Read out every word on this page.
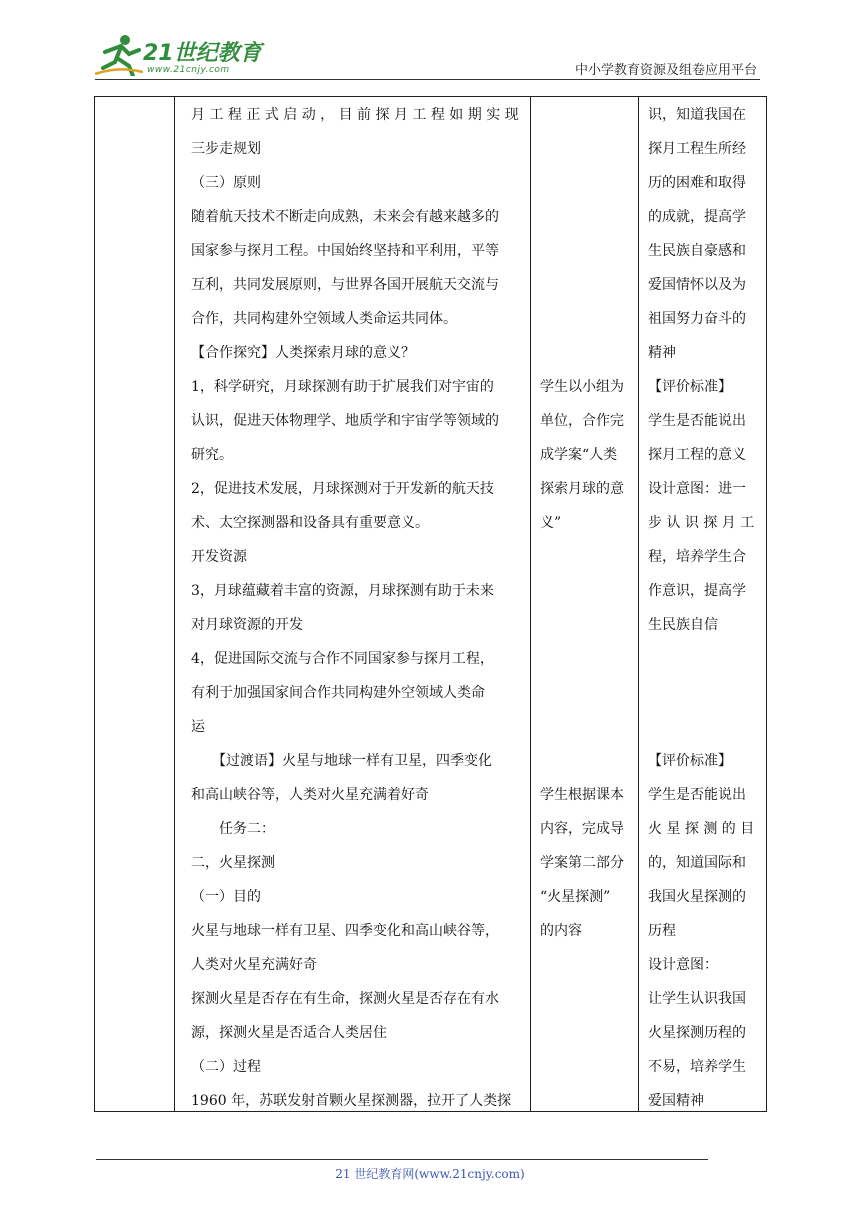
21世纪教育
www.21cnjy.com	中小学教育资源及组卷应用平台

月 工 程 正 式 启 动 ， 目 前 探 月 工 程 如 期 实 现

三步走规划

（三）原则

随着航天技术不断走向成熟，未来会有越来越多的

国家参与探月工程。中国始终坚持和平利用，平等

互利，共同发展原则，与世界各国开展航天交流与

合作，共同构建外空领域人类命运共同体。

【合作探究】人类探索月球的意义？

1，科学研究，月球探测有助于扩展我们对宇宙的

认识，促进天体物理学、地质学和宇宙学等领域的

研究。

2，促进技术发展，月球探测对于开发新的航天技

术、太空探测器和设备具有重要意义。

开发资源

3，月球蕴藏着丰富的资源，月球探测有助于未来

对月球资源的开发

4，促进国际交流与合作不同国家参与探月工程，

有利于加强国家间合作共同构建外空领域人类命

运

　　【过渡语】火星与地球一样有卫星，四季变化

和高山峡谷等，人类对火星充满着好奇

　　任务二：

二，火星探测

（一）目的

火星与地球一样有卫星、四季变化和高山峡谷等，

人类对火星充满好奇

探测火星是否存在有生命，探测火星是否存在有水

源，探测火星是否适合人类居住

（二）过程

1960 年，苏联发射首颗火星探测器，拉开了人类探

学生以小组为

单位，合作完

成学案“人类

探索月球的意

义”

学生根据课本

内容，完成导

学案第二部分

“火星探测”

的内容

识，知道我国在

探月工程生所经

历的困难和取得

的成就，提高学

生民族自豪感和

爱国情怀以及为

祖国努力奋斗的

精神

【评价标准】

学生是否能说出

探月工程的意义

设计意图：进一

步 认 识 探 月 工

程，培养学生合

作意识，提高学

生民族自信

【评价标准】

学生是否能说出

火 星 探 测 的 目

的，知道国际和

我国火星探测的

历程

设计意图：

让学生认识我国

火星探测历程的

不易，培养学生

爱国精神

21 世纪教育网(www.21cnjy.com)
